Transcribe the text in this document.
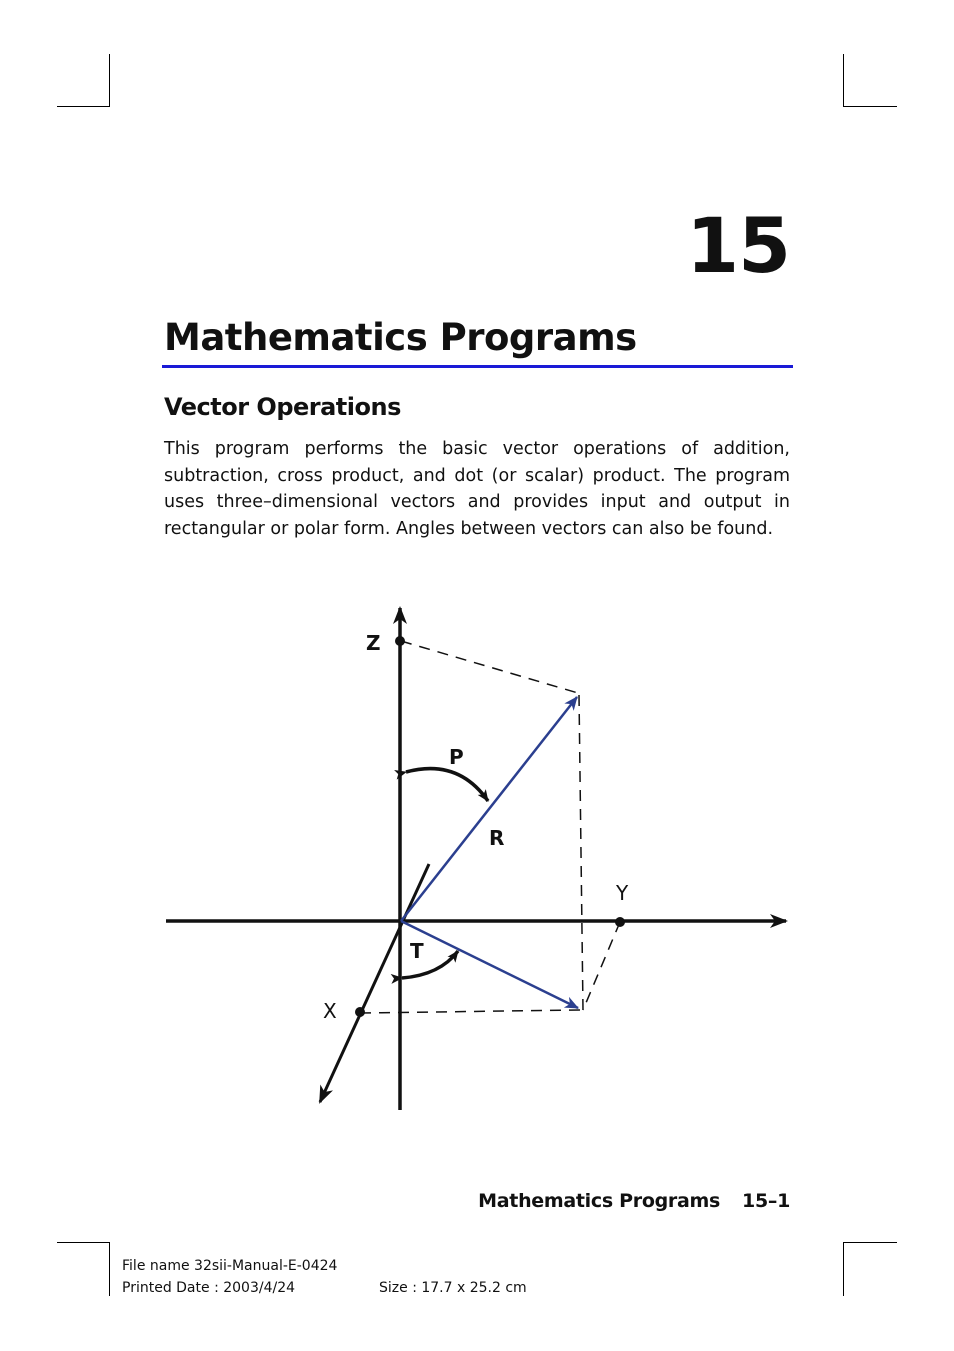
15
Mathematics Programs
Vector Operations
This program performs the basic vector operations of addition, subtraction, cross product, and dot (or scalar) product. The program uses three–dimensional vectors and provides input and output in rectangular or polar form. Angles between vectors can also be found.
Z
P
R
Y
T
X
Mathematics Programs 15–1
File name 32sii-Manual-E-0424
Printed Date : 2003/4/24	Size : 17.7 x 25.2 cm
